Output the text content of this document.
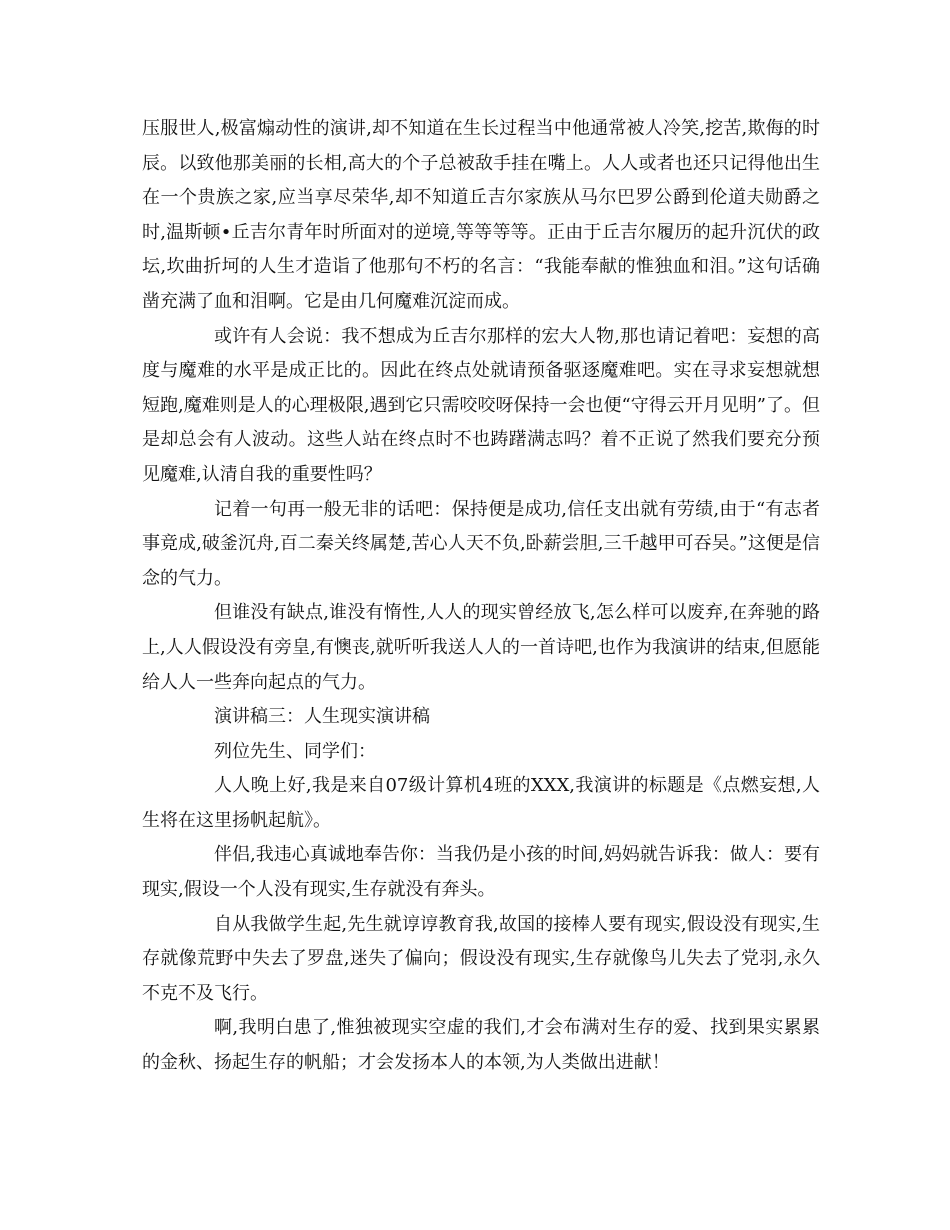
压服世人,极富煽动性的演讲,却不知道在生长过程当中他通常被人冷笑,挖苦,欺侮的时辰。以致他那美丽的长相,高大的个子总被敌手挂在嘴上。人人或者也还只记得他出生在一个贵族之家,应当享尽荣华,却不知道丘吉尔家族从马尔巴罗公爵到伦道夫勋爵之时,温斯顿•丘吉尔青年时所面对的逆境,等等等等。正由于丘吉尔履历的起升沉伏的政坛,坎曲折坷的人生才造诣了他那句不朽的名言：“我能奉献的惟独血和泪。”这句话确凿充满了血和泪啊。它是由几何魔难沉淀而成。

或许有人会说：我不想成为丘吉尔那样的宏大人物,那也请记着吧：妄想的高度与魔难的水平是成正比的。因此在终点处就请预备驱逐魔难吧。实在寻求妄想就想短跑,魔难则是人的心理极限,遇到它只需咬咬呀保持一会也便“守得云开月见明”了。但是却总会有人波动。这些人站在终点时不也踌躇满志吗？着不正说了然我们要充分预见魔难,认清自我的重要性吗？

记着一句再一般无非的话吧：保持便是成功,信任支出就有劳绩,由于“有志者事竟成,破釜沉舟,百二秦关终属楚,苦心人天不负,卧薪尝胆,三千越甲可吞吴。”这便是信念的气力。

但谁没有缺点,谁没有惰性,人人的现实曾经放飞,怎么样可以废弃,在奔驰的路上,人人假设没有旁皇,有懊丧,就听听我送人人的一首诗吧,也作为我演讲的结束,但愿能给人人一些奔向起点的气力。

演讲稿三：人生现实演讲稿

列位先生、同学们：

人人晚上好,我是来自07级计算机4班的XXX,我演讲的标题是《点燃妄想,人生将在这里扬帆起航》。

伴侣,我违心真诚地奉告你：当我仍是小孩的时间,妈妈就告诉我：做人：要有现实,假设一个人没有现实,生存就没有奔头。

自从我做学生起,先生就谆谆教育我,故国的接棒人要有现实,假设没有现实,生存就像荒野中失去了罗盘,迷失了偏向；假设没有现实,生存就像鸟儿失去了党羽,永久不克不及飞行。

啊,我明白患了,惟独被现实空虚的我们,才会布满对生存的爱、找到果实累累的金秋、扬起生存的帆船；才会发扬本人的本领,为人类做出进献！
